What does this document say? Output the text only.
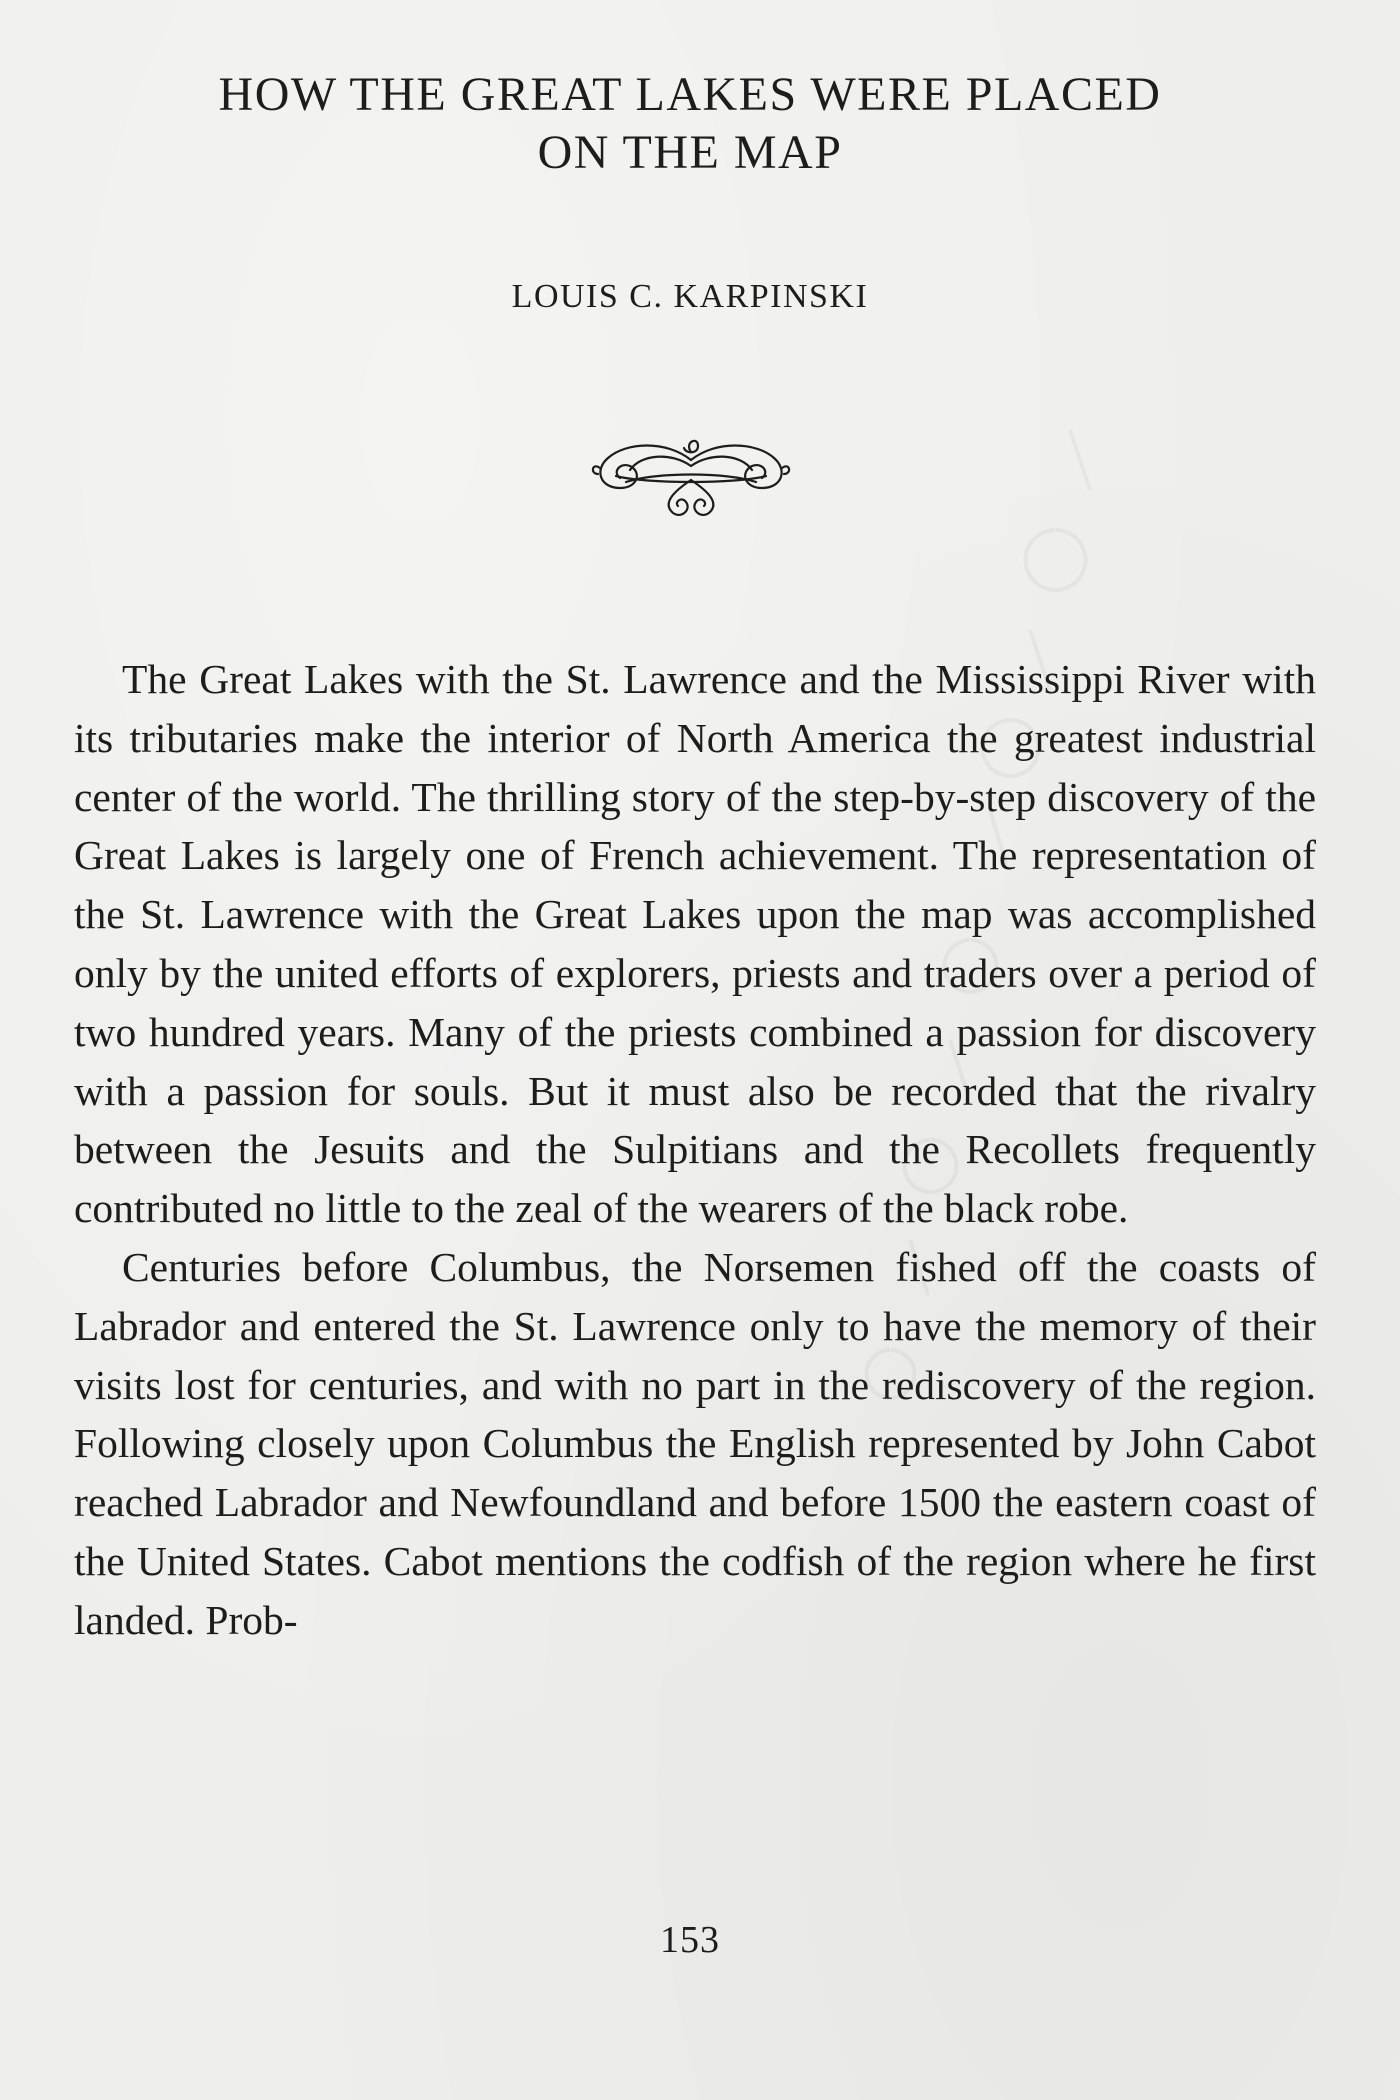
HOW THE GREAT LAKES WERE PLACED
ON THE MAP
LOUIS C. KARPINSKI

The Great Lakes with the St. Lawrence and the Mississippi River with its tributaries make the interior of North America the greatest industrial center of the world. The thrilling story of the step-by-step discovery of the Great Lakes is largely one of French achievement. The representation of the St. Lawrence with the Great Lakes upon the map was accomplished only by the united efforts of explorers, priests and traders over a period of two hundred years. Many of the priests combined a passion for discovery with a passion for souls. But it must also be recorded that the rivalry between the Jesuits and the Sulpitians and the Recollets frequently contributed no little to the zeal of the wearers of the black robe.

Centuries before Columbus, the Norsemen fished off the coasts of Labrador and entered the St. Lawrence only to have the memory of their visits lost for centuries, and with no part in the rediscovery of the region. Following closely upon Columbus the English represented by John Cabot reached Labrador and Newfoundland and before 1500 the eastern coast of the United States. Cabot mentions the codfish of the region where he first landed. Prob-

153
